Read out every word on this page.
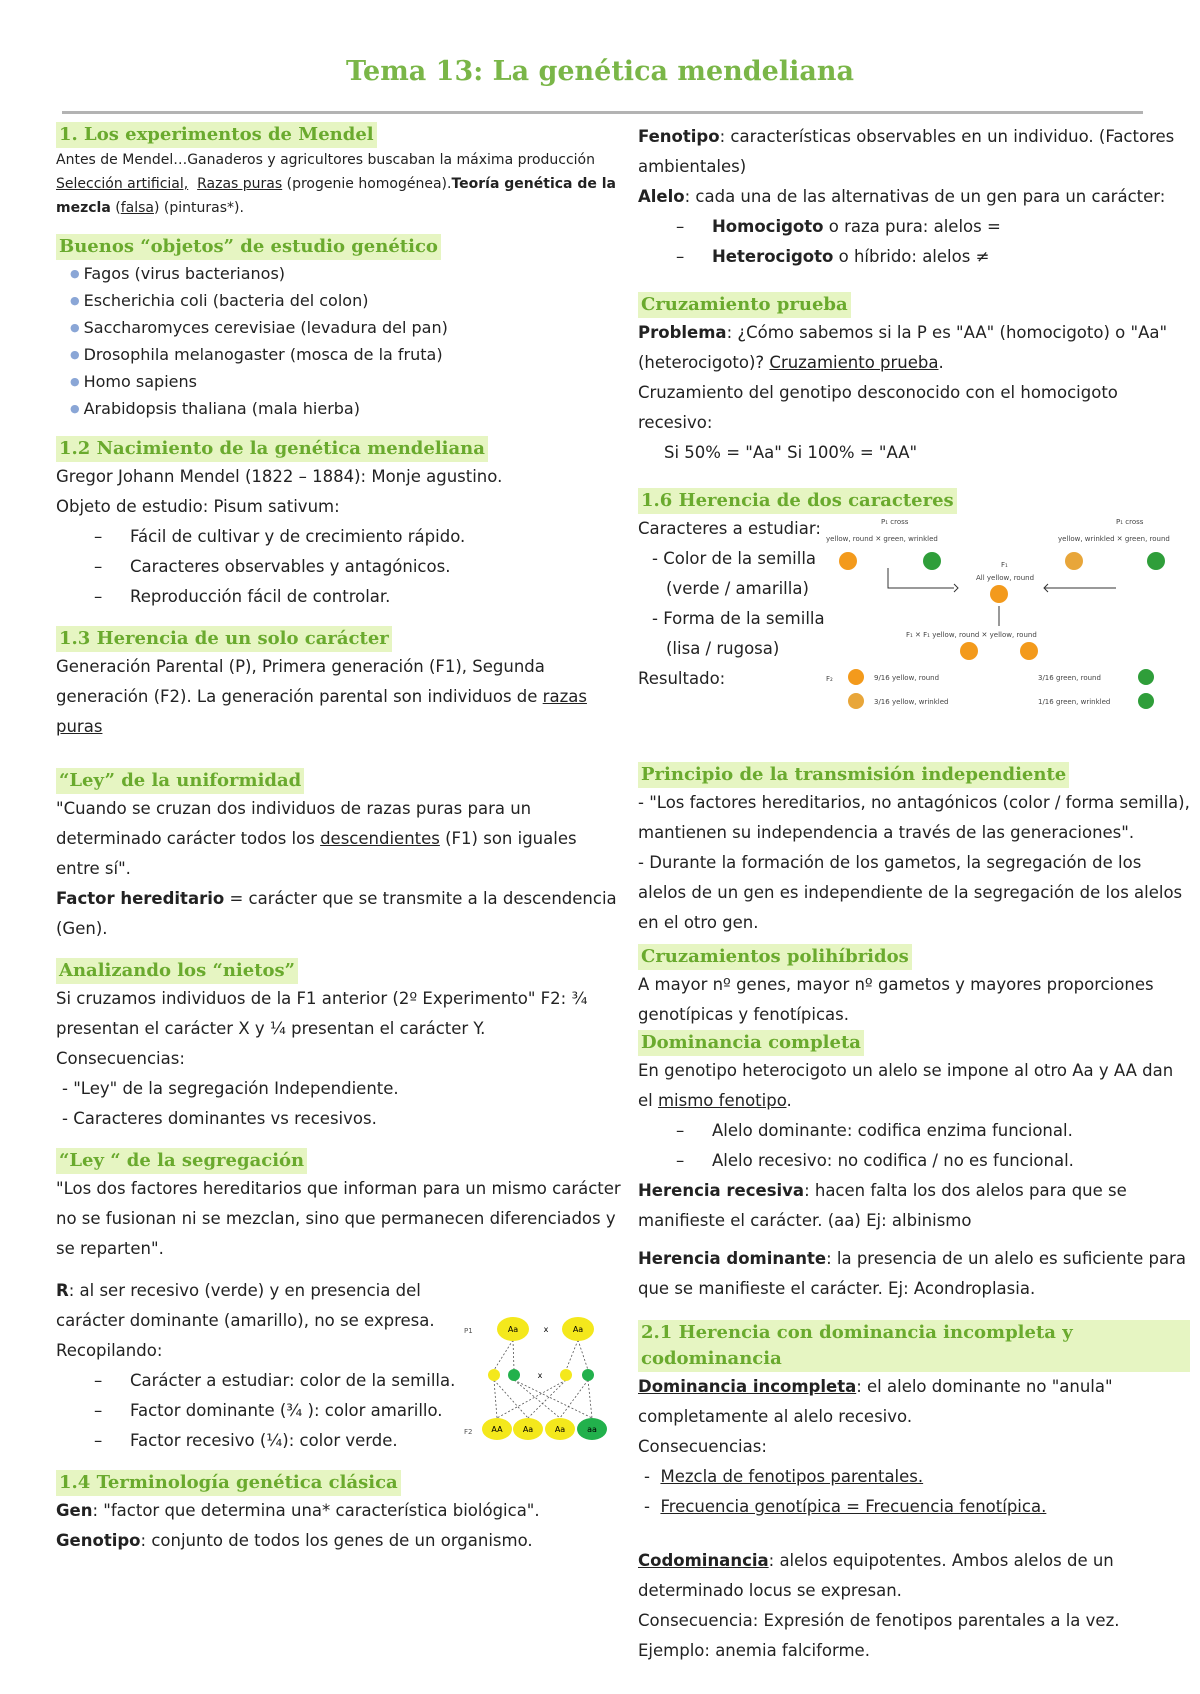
Tema 13: La genética mendeliana
1. Los experimentos de Mendel

Antes de Mendel…Ganaderos y agricultores buscaban la máxima producción
Selección artificial, Razas puras (progenie homogénea).Teoría genética de la mezcla (falsa) (pinturas*).

Buenos “objetos” de estudio genético
● Fagos (virus bacterianos)
● Escherichia coli (bacteria del colon)
● Saccharomyces cerevisiae (levadura del pan)
● Drosophila melanogaster (mosca de la fruta)
● Homo sapiens
● Arabidopsis thaliana (mala hierba)
1.2 Nacimiento de la genética mendeliana

Gregor Johann Mendel (1822 – 1884): Monje agustino.

Objeto de estudio: Pisum sativum:

– Fácil de cultivar y de crecimiento rápido.
– Caracteres observables y antagónicos.
– Reproducción fácil de controlar.
1.3 Herencia de un solo carácter

Generación Parental (P), Primera generación (F1), Segunda generación (F2). La generación parental son individuos de razas puras

“Ley” de la uniformidad

"Cuando se cruzan dos individuos de razas puras para un determinado carácter todos los descendientes (F1) son iguales entre sí".

Factor hereditario = carácter que se transmite a la descendencia (Gen).

Analizando los “nietos”

Si cruzamos individuos de la F1 anterior (2º Experimento" F2: ¾ presentan el carácter X y ¼ presentan el carácter Y.

Consecuencias:

- "Ley" de la segregación Independiente.

- Caracteres dominantes vs recesivos.

“Ley “ de la segregación

"Los dos factores hereditarios que informan para un mismo carácter no se fusionan ni se mezclan, sino que permanecen diferenciados y se reparten".

R: al ser recesivo (verde) y en presencia del carácter dominante (amarillo), no se expresa.

Recopilando:

– Carácter a estudiar: color de la semilla.
– Factor dominante (¾ ): color amarillo.
– Factor recesivo (¼): color verde.
P1
F2
Aa	x	Aa
x
AA	Aa	Aa	aa
1.4 Terminología genética clásica

Gen: "factor que determina una* característica biológica".

Genotipo: conjunto de todos los genes de un organismo.

Fenotipo: características observables en un individuo. (Factores ambientales)

Alelo: cada una de las alternativas de un gen para un carácter:

– Homocigoto o raza pura: alelos =
– Heterocigoto o híbrido: alelos ≠
Cruzamiento prueba

Problema: ¿Cómo sabemos si la P es "AA" (homocigoto) o "Aa" (heterocigoto)? Cruzamiento prueba.

Cruzamiento del genotipo desconocido con el homocigoto recesivo:

Si 50% = "Aa" Si 100% = "AA"

1.6 Herencia de dos caracteres

Caracteres a estudiar:

- Color de la semilla

(verde / amarilla)

- Forma de la semilla

(lisa / rugosa)

Resultado:

P₁ cross	P₁ cross
yellow, round ✕ green, wrinkled	yellow, wrinkled ✕ green, round
F₁
All yellow, round
F₁ ✕ F₁ yellow, round ✕ yellow, round
F₂	9/16 yellow, round	3/16 green, round
3/16 yellow, wrinkled	1/16 green, wrinkled
Principio de la transmisión independiente

- "Los factores hereditarios, no antagónicos (color / forma semilla), mantienen su independencia a través de las generaciones".

- Durante la formación de los gametos, la segregación de los alelos de un gen es independiente de la segregación de los alelos en el otro gen.

Cruzamientos polihíbridos

A mayor nº genes, mayor nº gametos y mayores proporciones genotípicas y fenotípicas.

Dominancia completa

En genotipo heterocigoto un alelo se impone al otro Aa y AA dan el mismo fenotipo.

– Alelo dominante: codifica enzima funcional.
– Alelo recesivo: no codifica / no es funcional.

Herencia recesiva: hacen falta los dos alelos para que se manifieste el carácter. (aa) Ej: albinismo

Herencia dominante: la presencia de un alelo es suficiente para que se manifieste el carácter. Ej: Acondroplasia.

2.1 Herencia con dominancia incompleta y codominancia

Dominancia incompleta: el alelo dominante no "anula" completamente al alelo recesivo.

Consecuencias:

-  Mezcla de fenotipos parentales.

-  Frecuencia genotípica = Frecuencia fenotípica.

Codominancia: alelos equipotentes. Ambos alelos de un determinado locus se expresan.

Consecuencia: Expresión de fenotipos parentales a la vez.

Ejemplo: anemia falciforme.
